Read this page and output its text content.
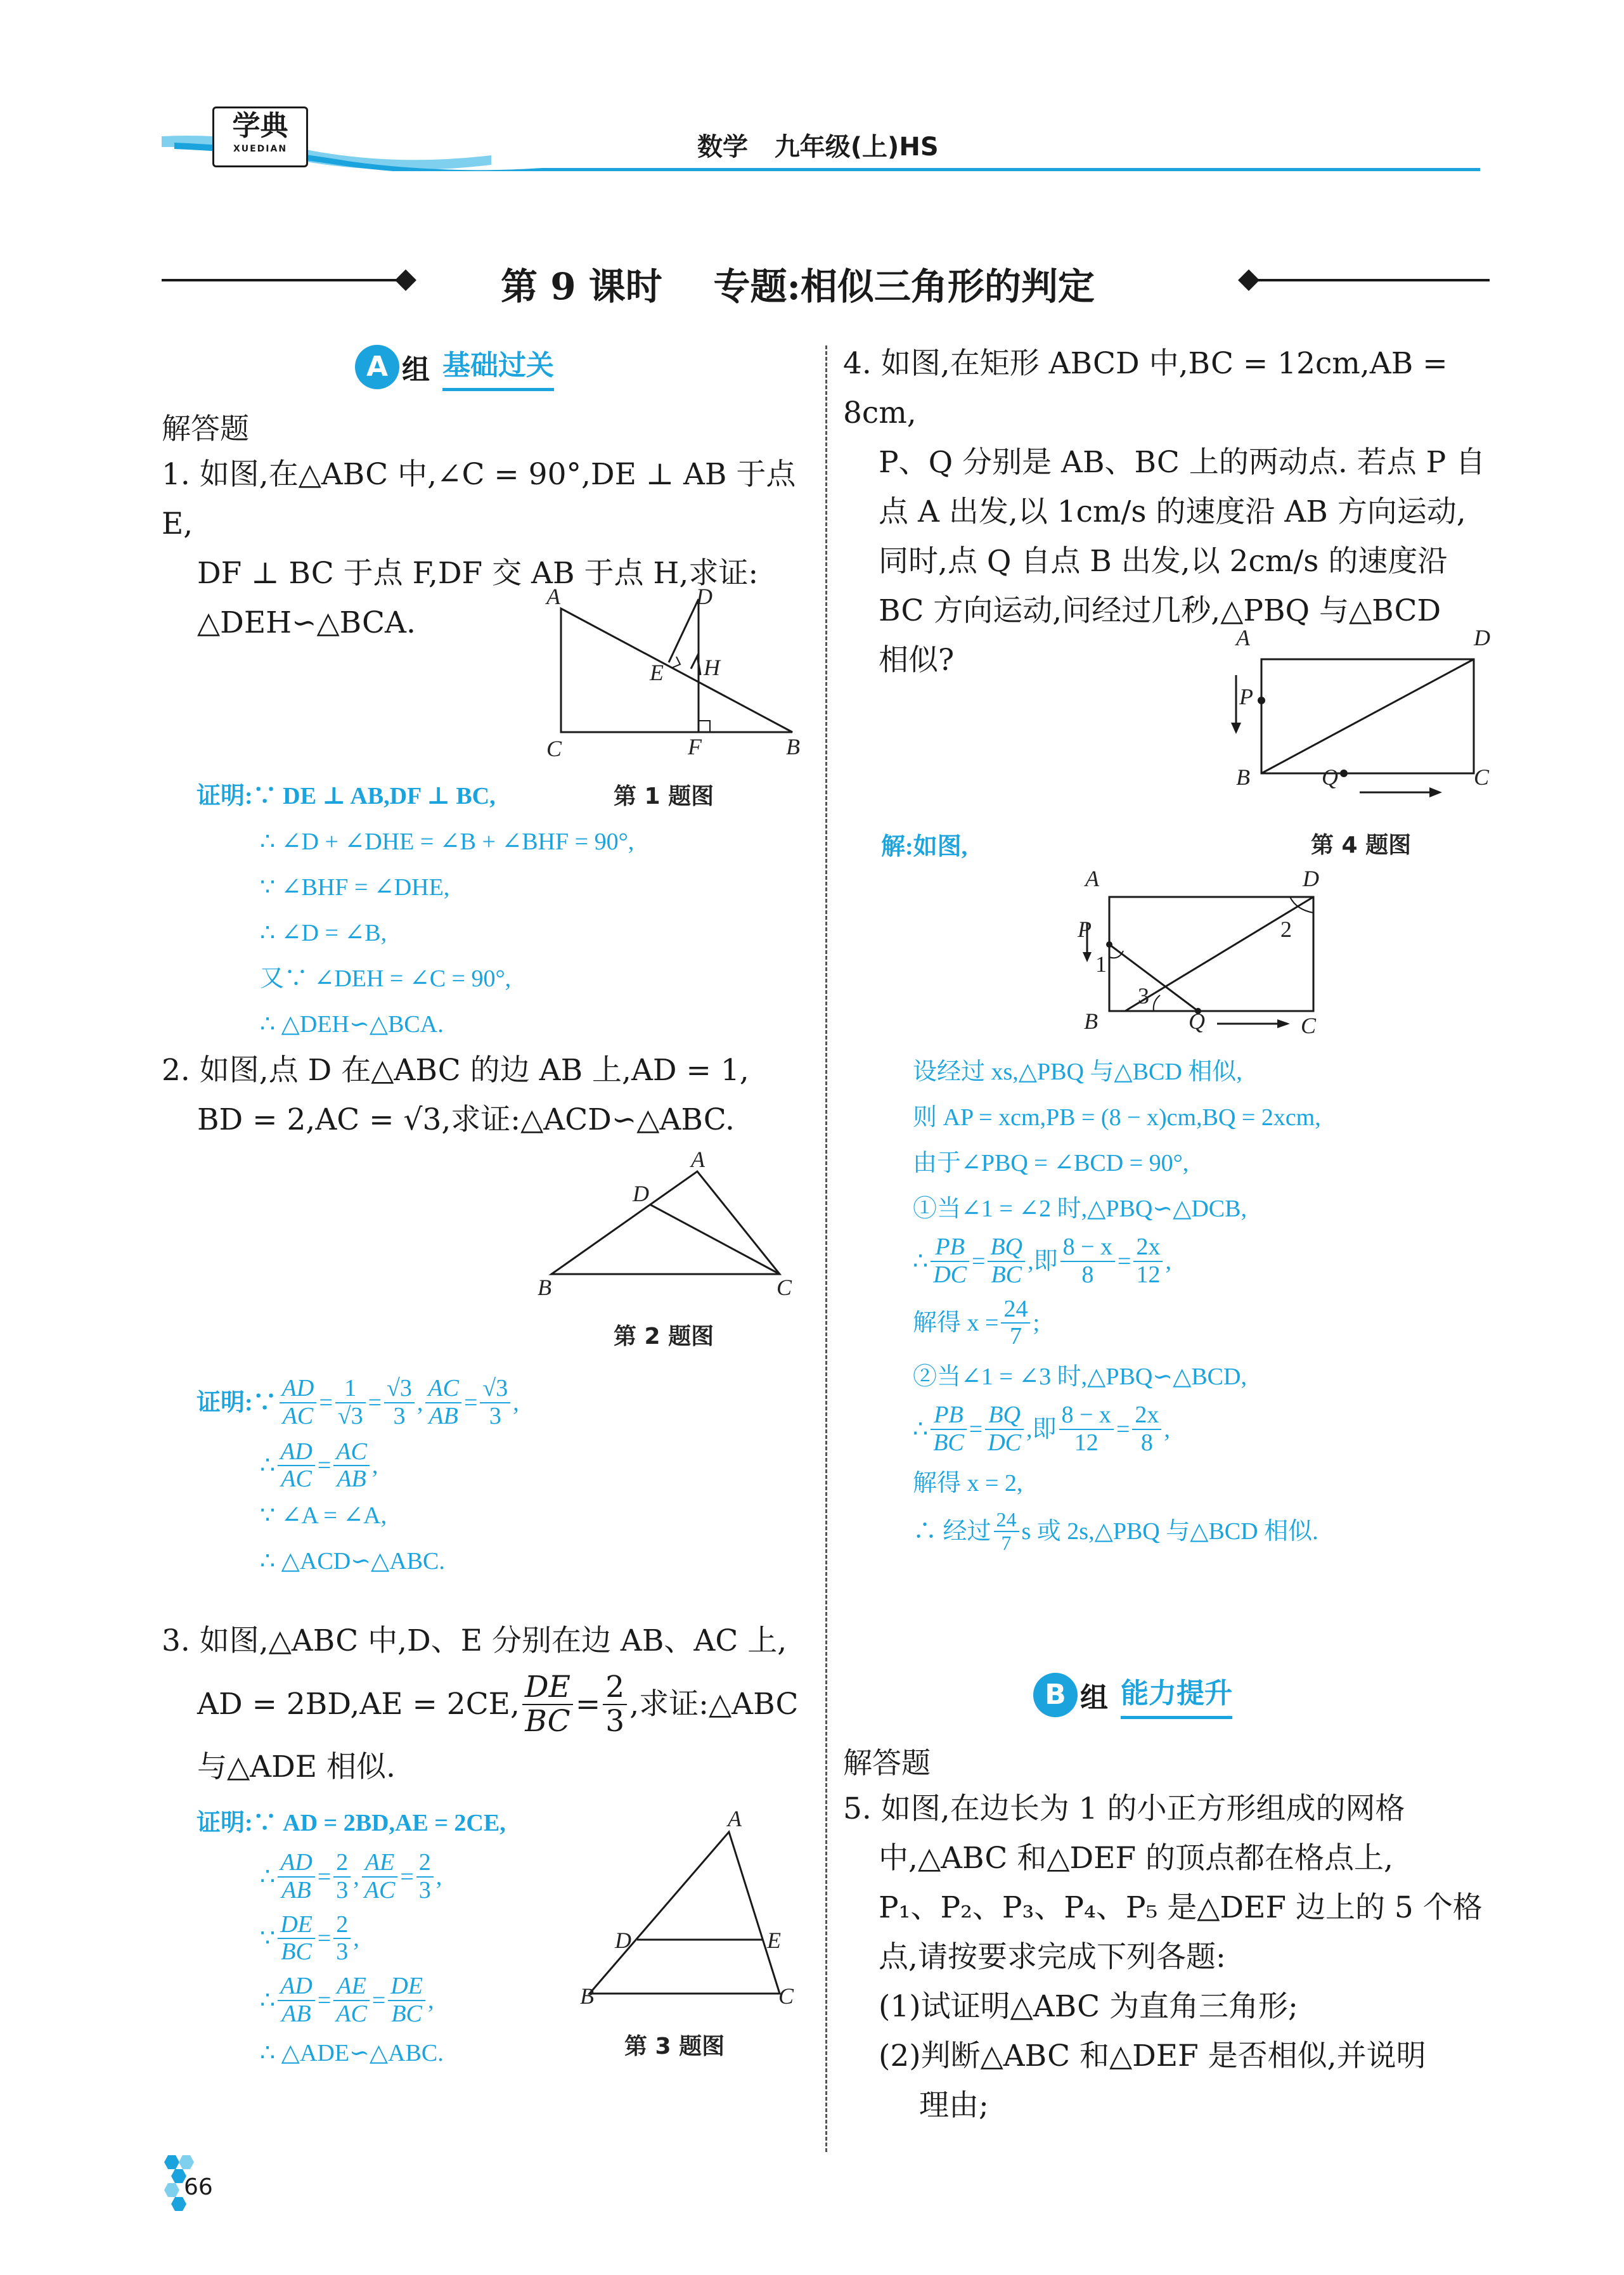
学典
XUEDIAN	数学   九年级(上)HS
第 9 课时    专题:相似三角形的判定
A 组 基础过关
解答题
1. 如图,在△ABC 中,∠C = 90°,DE ⊥ AB 于点 E,
DF ⊥ BC 于点 F,DF 交 AB 于点 H,求证:
△DEH∽△BCA.
A	D
E H
C	F	B
第 1 题图
证明:∵ DE ⊥ AB,DF ⊥ BC,
∴ ∠D + ∠DHE = ∠B + ∠BHF = 90°,
∵ ∠BHF = ∠DHE,
∴ ∠D = ∠B,
又∵ ∠DEH = ∠C = 90°,
∴ △DEH∽△BCA.
2. 如图,点 D 在△ABC 的边 AB 上,AD = 1,
BD = 2,AC = √3,求证:△ACD∽△ABC.
A
D
B	C
第 2 题图
证明:∵ $\frac{AD}{AC} = \frac{1}{√3} = \frac{√3}{3}$ , $\frac{AC}{AB} = \frac{√3}{3}$ ,
∴ $\frac{AD}{AC} = \frac{AC}{AB}$ ,
∵ ∠A = ∠A,
∴ △ACD∽△ABC.
3. 如图,△ABC 中,D、E 分别在边 AB、AC 上,
AD = 2BD,AE = 2CE, $\frac{DE}{BC} = \frac{2}{3}$ ,求证:△ABC
与△ADE 相似.
A
D	E
B	C
第 3 题图
证明:∵ AD = 2BD,AE = 2CE,
∴ $\frac{AD}{AB} = \frac{2}{3}$ , $\frac{AE}{AC} = \frac{2}{3}$ ,
∵ $\frac{DE}{BC} = \frac{2}{3}$ ,
∴ $\frac{AD}{AB} = \frac{AE}{AC} = \frac{DE}{BC}$ ,
∴ △ADE∽△ABC.
4. 如图,在矩形 ABCD 中,BC = 12cm,AB = 8cm,
P、Q 分别是 AB、BC 上的两动点. 若点 P 自
点 A 出发,以 1cm/s 的速度沿 AB 方向运动,
同时,点 Q 自点 B 出发,以 2cm/s 的速度沿
BC 方向运动,问经过几秒,△PBQ 与△BCD
相似?
A	D
P
B	Q	C
第 4 题图
解:如图,
A	D
P
1
2
3
B	Q	C
设经过 xs,△PBQ 与△BCD 相似,
则 AP = xcm,PB = (8 − x)cm,BQ = 2xcm,
由于∠PBQ = ∠BCD = 90°,
①当∠1 = ∠2 时,△PBQ∽△DCB,
∴ $\frac{PB}{DC} = \frac{BQ}{BC}$ , 即 $\frac{8 - x}{8} = \frac{2x}{12}$ ,
解得 $x = \frac{24}{7}$ ;
②当∠1 = ∠3 时,△PBQ∽△BCD,
∴ $\frac{PB}{BC} = \frac{BQ}{DC}$ , 即 $\frac{8 - x}{12} = \frac{2x}{8}$ ,
解得 x = 2,
∴ 经过 $\frac{24}{7}$ s 或 2s,△PBQ 与△BCD 相似.
B 组 能力提升
解答题
5. 如图,在边长为 1 的小正方形组成的网格
中,△ABC 和△DEF 的顶点都在格点上,
P₁、P₂、P₃、P₄、P₅ 是△DEF 边上的 5 个格
点,请按要求完成下列各题:
(1)试证明△ABC 为直角三角形;
(2)判断△ABC 和△DEF 是否相似,并说明
理由;
66
